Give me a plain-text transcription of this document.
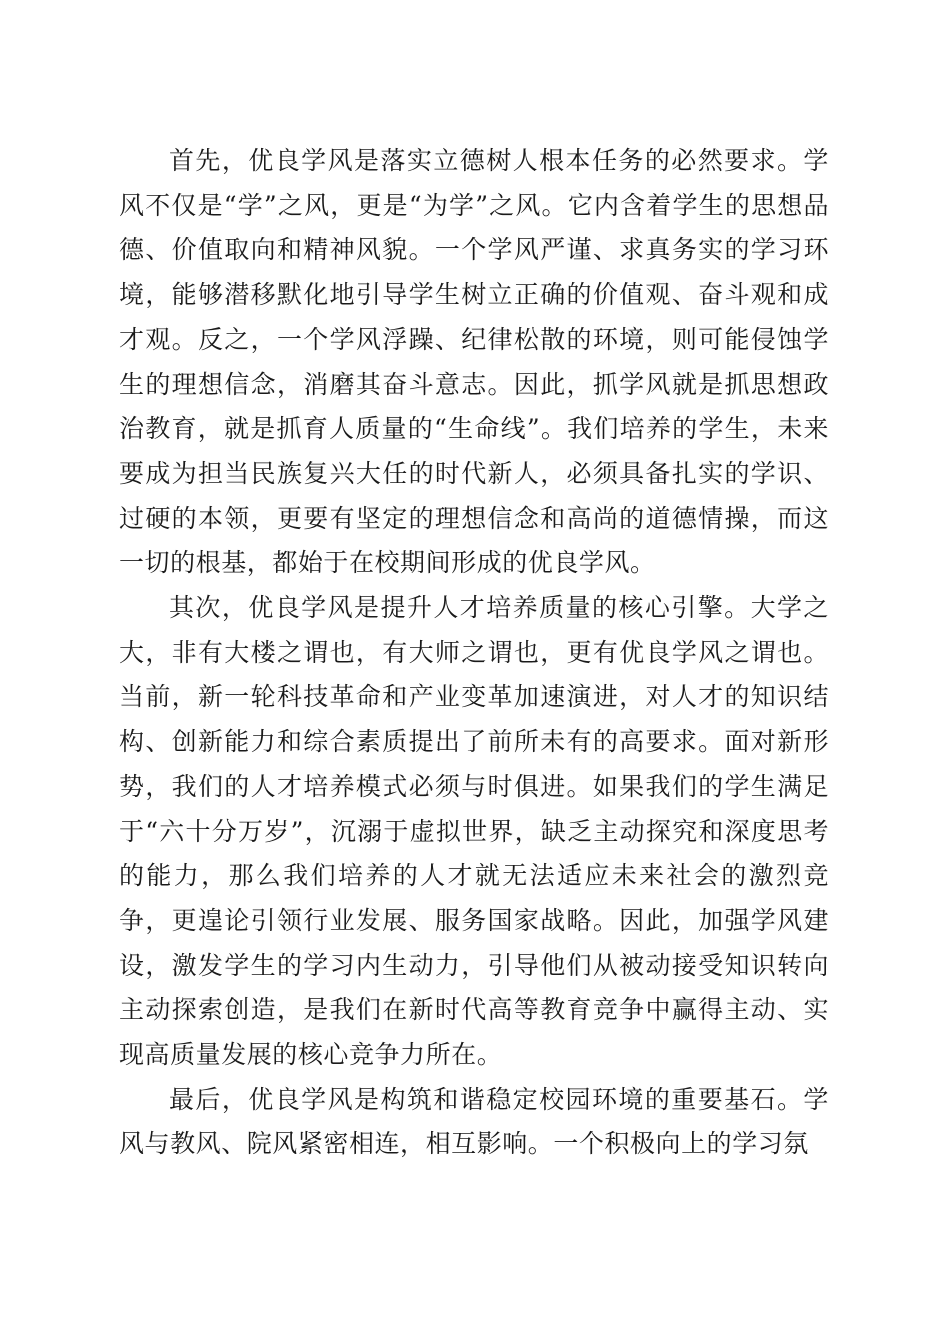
首先，优良学风是落实立德树人根本任务的必然要求。学风不仅是“学”之风，更是“为学”之风。它内含着学生的思想品德、价值取向和精神风貌。一个学风严谨、求真务实的学习环境，能够潜移默化地引导学生树立正确的价值观、奋斗观和成才观。反之，一个学风浮躁、纪律松散的环境，则可能侵蚀学生的理想信念，消磨其奋斗意志。因此，抓学风就是抓思想政治教育，就是抓育人质量的“生命线”。我们培养的学生，未来要成为担当民族复兴大任的时代新人，必须具备扎实的学识、过硬的本领，更要有坚定的理想信念和高尚的道德情操，而这一切的根基，都始于在校期间形成的优良学风。

其次，优良学风是提升人才培养质量的核心引擎。大学之大，非有大楼之谓也，有大师之谓也，更有优良学风之谓也。当前，新一轮科技革命和产业变革加速演进，对人才的知识结构、创新能力和综合素质提出了前所未有的高要求。面对新形势，我们的人才培养模式必须与时俱进。如果我们的学生满足于“六十分万岁”，沉溺于虚拟世界，缺乏主动探究和深度思考的能力，那么我们培养的人才就无法适应未来社会的激烈竞争，更遑论引领行业发展、服务国家战略。因此，加强学风建设，激发学生的学习内生动力，引导他们从被动接受知识转向主动探索创造，是我们在新时代高等教育竞争中赢得主动、实现高质量发展的核心竞争力所在。

最后，优良学风是构筑和谐稳定校园环境的重要基石。学风与教风、院风紧密相连，相互影响。一个积极向上的学习氛
